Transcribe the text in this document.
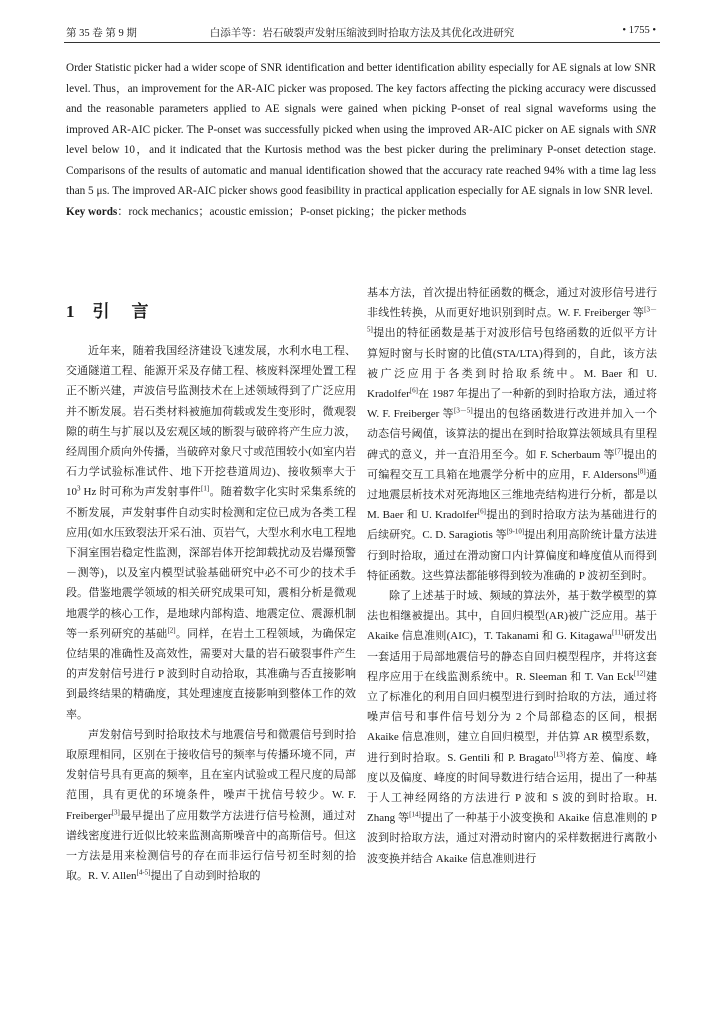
第 35 卷 第 9 期	白添羊等：岩石破裂声发射压缩波到时拾取方法及其优化改进研究	• 1755 •

Order Statistic picker had a wider scope of SNR identification and better identification ability especially for AE signals at low SNR level. Thus，an improvement for the AR-AIC picker was proposed. The key factors affecting the picking accuracy were discussed and the reasonable parameters applied to AE signals were gained when picking P-onset of real signal waveforms using the improved AR-AIC picker. The P-onset was successfully picked when using the improved AR-AIC picker on AE signals with SNR level below 10，and it indicated that the Kurtosis method was the best picker during the preliminary P-onset detection stage. Comparisons of the results of automatic and manual identification showed that the accuracy rate reached 94% with a time lag less than 5 μs. The improved AR-AIC picker shows good feasibility in practical application especially for AE signals in low SNR level.

Key words：rock mechanics；acoustic emission；P-onset picking；the picker methods

1 引 言

近年来，随着我国经济建设飞速发展，水利水电工程、交通隧道工程、能源开采及存储工程、核废料深埋处置工程正不断兴建，声波信号监测技术在上述领域得到了广泛应用并不断发展。岩石类材料被施加荷载或发生变形时，微观裂隙的萌生与扩展以及宏观区域的断裂与破碎将产生应力波，经周围介质向外传播，当破碎对象尺寸或范围较小(如室内岩石力学试验标准试件、地下开挖巷道周边)、接收频率大于 $10^3$ Hz 时可称为声发射事件[1]。随着数字化实时采集系统的不断发展，声发射事件自动实时检测和定位已成为各类工程应用(如水压致裂法开采石油、页岩气，大型水利水电工程地下洞室围岩稳定性监测，深部岩体开挖卸载扰动及岩爆预警－测等)，以及室内模型试验基础研究中必不可少的技术手段。借鉴地震学领域的相关研究成果可知，震相分析是微观地震学的核心工作，是地球内部构造、地震定位、震源机制等一系列研究的基础[2]。同样，在岩土工程领域，为确保定位结果的准确性及高效性，需要对大量的岩石破裂事件产生的声发射信号进行 P 波到时自动拾取，其准确与否直接影响到最终结果的精确度，其处理速度直接影响到整体工作的效率。

声发射信号到时拾取技术与地震信号和微震信号到时拾取原理相同，区别在于接收信号的频率与传播环境不同，声发射信号具有更高的频率，且在室内试验或工程尺度的局部范围，具有更优的环境条件，噪声干扰信号较少。W. F. Freiberger[3]最早提出了应用数学方法进行信号检测，通过对谱线密度进行近似比较来监测高斯噪音中的高斯信号。但这一方法是用来检测信号的存在而非运行信号初至时刻的拾取。R. V. Allen[4-5]提出了自动到时拾取的

基本方法，首次提出特征函数的概念，通过对波形信号进行非线性转换，从而更好地识别到时点。W. F. Freiberger 等[3－5]提出的特征函数是基于对波形信号包络函数的近似平方计算短时窗与长时窗的比值(STA/LTA)得到的，自此，该方法被广泛应用于各类到时拾取系统中。M. Baer 和 U. Kradolfer[6]在 1987 年提出了一种新的到时拾取方法，通过将 W. F. Freiberger 等[3－5]提出的包络函数进行改进并加入一个动态信号阈值，该算法的提出在到时拾取算法领域具有里程碑式的意义，并一直沿用至今。如 F. Scherbaum 等[7]提出的可编程交互工具箱在地震学分析中的应用，F. Aldersons[8]通过地震层析技术对死海地区三维地壳结构进行分析，都是以 M. Baer 和 U. Kradolfer[6]提出的到时拾取方法为基础进行的后续研究。C. D. Saragiotis 等[9-10]提出利用高阶统计量方法进行到时拾取，通过在滑动窗口内计算偏度和峰度值从而得到特征函数。这些算法都能够得到较为准确的 P 波初至到时。

除了上述基于时域、频域的算法外，基于数学模型的算法也相继被提出。其中，自回归模型(AR)被广泛应用。基于 Akaike 信息准则(AIC)，T. Takanami 和 G. Kitagawa[11]研发出一套适用于局部地震信号的静态自回归模型程序，并将这套程序应用于在线监测系统中。R. Sleeman 和 T. Van Eck[12]建立了标准化的利用自回归模型进行到时拾取的方法，通过将噪声信号和事件信号划分为 2 个局部稳态的区间，根据 Akaike 信息准则，建立自回归模型，并估算 AR 模型系数，进行到时拾取。S. Gentili 和 P. Bragato[13]将方差、偏度、峰度以及偏度、峰度的时间导数进行结合运用，提出了一种基于人工神经网络的方法进行 P 波和 S 波的到时拾取。H. Zhang 等[14]提出了一种基于小波变换和 Akaike 信息准则的 P 波到时拾取方法，通过对滑动时窗内的采样数据进行离散小波变换并结合 Akaike 信息准则进行
